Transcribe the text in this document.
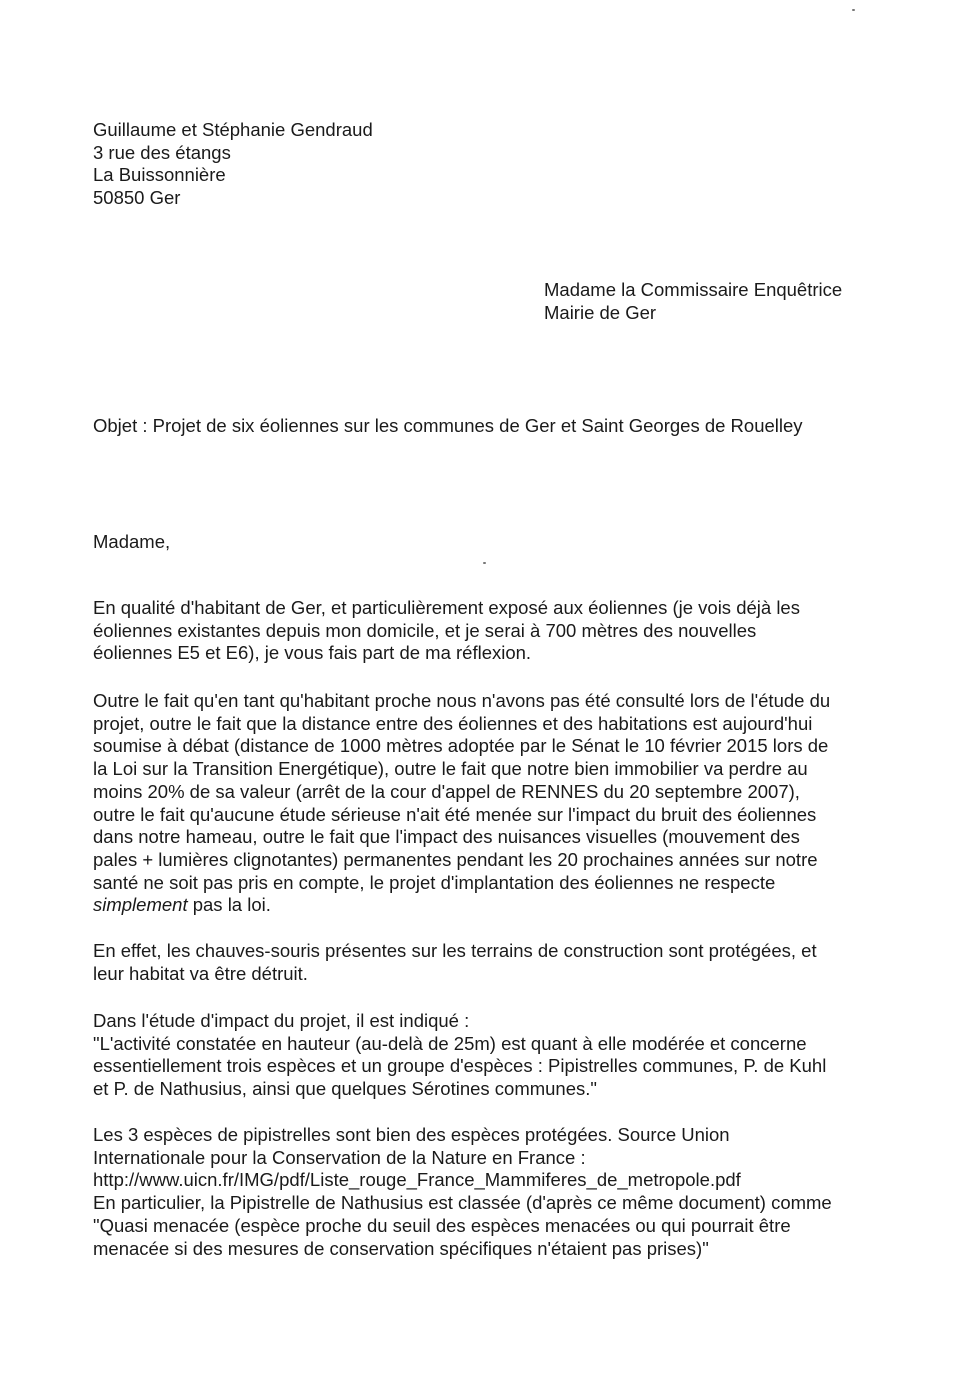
Guillaume et Stéphanie Gendraud
3 rue des étangs
La Buissonnière
50850 Ger
Madame la Commissaire Enquêtrice
Mairie de Ger
Objet : Projet de six éoliennes sur les communes de Ger et Saint Georges de Rouelley
Madame,
En qualité d'habitant de Ger, et particulièrement exposé aux éoliennes (je vois déjà les
éoliennes existantes depuis mon domicile, et je serai à 700 mètres des nouvelles
éoliennes E5 et E6), je vous fais part de ma réflexion.
Outre le fait qu'en tant qu'habitant proche nous n'avons pas été consulté lors de l'étude du
projet, outre le fait que la distance entre des éoliennes et des habitations est aujourd'hui
soumise à débat (distance de 1000 mètres adoptée par le Sénat le 10 février 2015 lors de
la Loi sur la Transition Energétique), outre le fait que notre bien immobilier va perdre au
moins 20% de sa valeur (arrêt de la cour d'appel de RENNES du 20 septembre 2007),
outre le fait qu'aucune étude sérieuse n'ait été menée sur l'impact du bruit des éoliennes
dans notre hameau, outre le fait que l'impact des nuisances visuelles (mouvement des
pales + lumières clignotantes) permanentes pendant les 20 prochaines années sur notre
santé ne soit pas pris en compte, le projet d'implantation des éoliennes ne respecte
simplement pas la loi.
En effet, les chauves-souris présentes sur les terrains de construction sont protégées, et
leur habitat va être détruit.
Dans l'étude d'impact du projet, il est indiqué :
"L'activité constatée en hauteur (au-delà de 25m) est quant à elle modérée et concerne
essentiellement trois espèces et un groupe d'espèces : Pipistrelles communes, P. de Kuhl
et P. de Nathusius, ainsi que quelques Sérotines communes."
Les 3 espèces de pipistrelles sont bien des espèces protégées. Source Union
Internationale pour la Conservation de la Nature en France :
http://www.uicn.fr/IMG/pdf/Liste_rouge_France_Mammiferes_de_metropole.pdf
En particulier, la Pipistrelle de Nathusius est classée (d'après ce même document) comme
"Quasi menacée (espèce proche du seuil des espèces menacées ou qui pourrait être
menacée si des mesures de conservation spécifiques n'étaient pas prises)"
